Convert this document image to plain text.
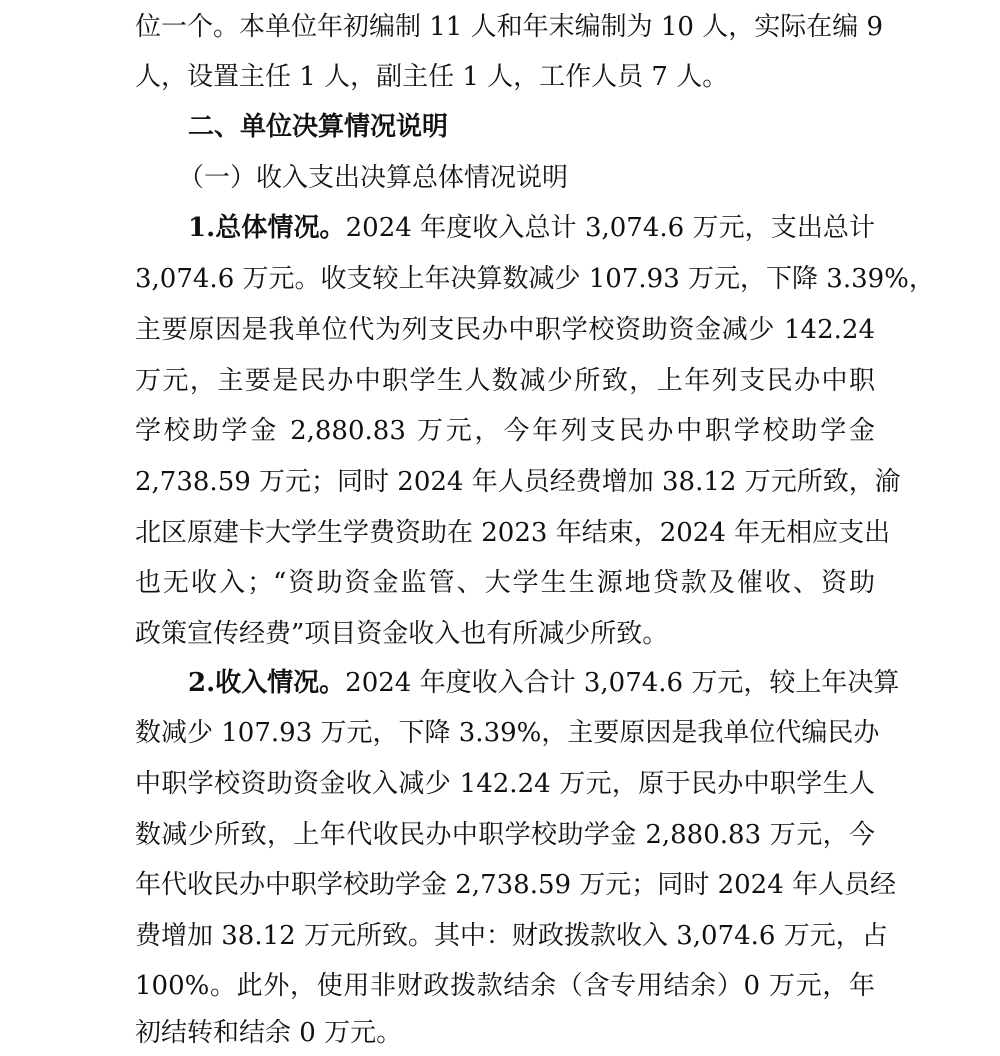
位一个。本单位年初编制 11 人和年末编制为 10 人，实际在编 9
人，设置主任 1 人，副主任 1 人，工作人员 7 人。
二、单位决算情况说明
（一）收入支出决算总体情况说明
1.总体情况。2024 年度收入总计 3,074.6 万元，支出总计
3,074.6 万元。收支较上年决算数减少 107.93 万元，下降 3.39%，
主要原因是我单位代为列支民办中职学校资助资金减少 142.24
万元，主要是民办中职学生人数减少所致，上年列支民办中职
学校助学金 2,880.83 万元，今年列支民办中职学校助学金
2,738.59 万元；同时 2024 年人员经费增加 38.12 万元所致，渝
北区原建卡大学生学费资助在 2023 年结束，2024 年无相应支出
也无收入；“资助资金监管、大学生生源地贷款及催收、资助
政策宣传经费”项目资金收入也有所减少所致。
2.收入情况。2024 年度收入合计 3,074.6 万元，较上年决算
数减少 107.93 万元，下降 3.39%，主要原因是我单位代编民办
中职学校资助资金收入减少 142.24 万元，原于民办中职学生人
数减少所致，上年代收民办中职学校助学金 2,880.83 万元，今
年代收民办中职学校助学金 2,738.59 万元；同时 2024 年人员经
费增加 38.12 万元所致。其中：财政拨款收入 3,074.6 万元，占
100%。此外，使用非财政拨款结余（含专用结余）0 万元，年
初结转和结余 0 万元。
